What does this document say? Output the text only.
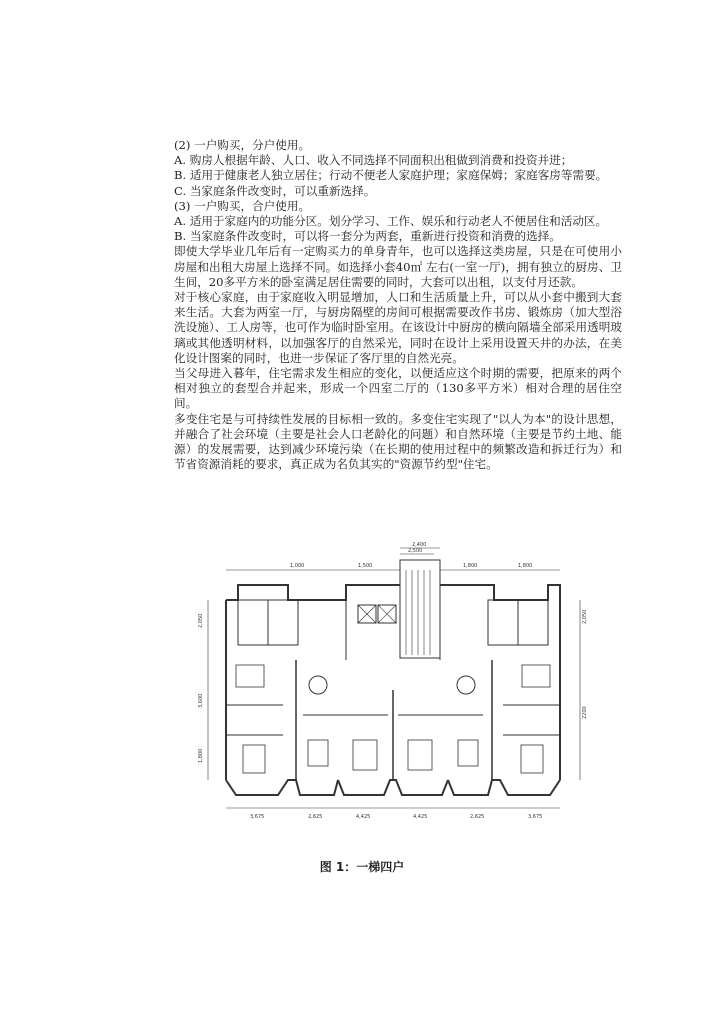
(2) 一户购买，分户使用。

A. 购房人根据年龄、人口、收入不同选择不同面积出租做到消费和投资并进；

B. 适用于健康老人独立居住；行动不便老人家庭护理；家庭保姆；家庭客房等需要。

C. 当家庭条件改变时，可以重新选择。

(3) 一户购买，合户使用。

A. 适用于家庭内的功能分区。划分学习、工作、娱乐和行动老人不便居住和活动区。

B. 当家庭条件改变时，可以将一套分为两套，重新进行投资和消费的选择。

即使大学毕业几年后有一定购买力的单身青年，也可以选择这类房屋，只是在可使用小房屋和出租大房屋上选择不同。如选择小套40㎡ 左右(一室一厅)，拥有独立的厨房、卫生间，20多平方米的卧室满足居住需要的同时，大套可以出租，以支付月还款。

对于核心家庭，由于家庭收入明显增加，人口和生活质量上升，可以从小套中搬到大套来生活。大套为两室一厅，与厨房隔壁的房间可根据需要改作书房、锻炼房（加大型浴洗设施）、工人房等，也可作为临时卧室用。在该设计中厨房的横向隔墙全部采用透明玻璃或其他透明材料，以加强客厅的自然采光，同时在设计上采用设置天井的办法，在美化设计图案的同时，也进一步保证了客厅里的自然光亮。

当父母进入暮年，住宅需求发生相应的变化，以便适应这个时期的需要，把原来的两个相对独立的套型合并起来，形成一个四室二厅的（130多平方米）相对合理的居住空间。

多变住宅是与可持续性发展的目标相一致的。多变住宅实现了"以人为本"的设计思想，并融合了社会环境（主要是社会人口老龄化的问题）和自然环境（主要是节约土地、能源）的发展需要，达到减少环境污染（在长期的使用过程中的频繁改造和拆迁行为）和节省资源消耗的要求，真正成为名负其实的"资源节约型"住宅。

1,000	1,500	1,800	1,800
2,400
2,500
2,050
3,600
1,800
2,050
2200
3,675	2,625	4,425	4,425	2,625	3,675
图 1：一梯四户
